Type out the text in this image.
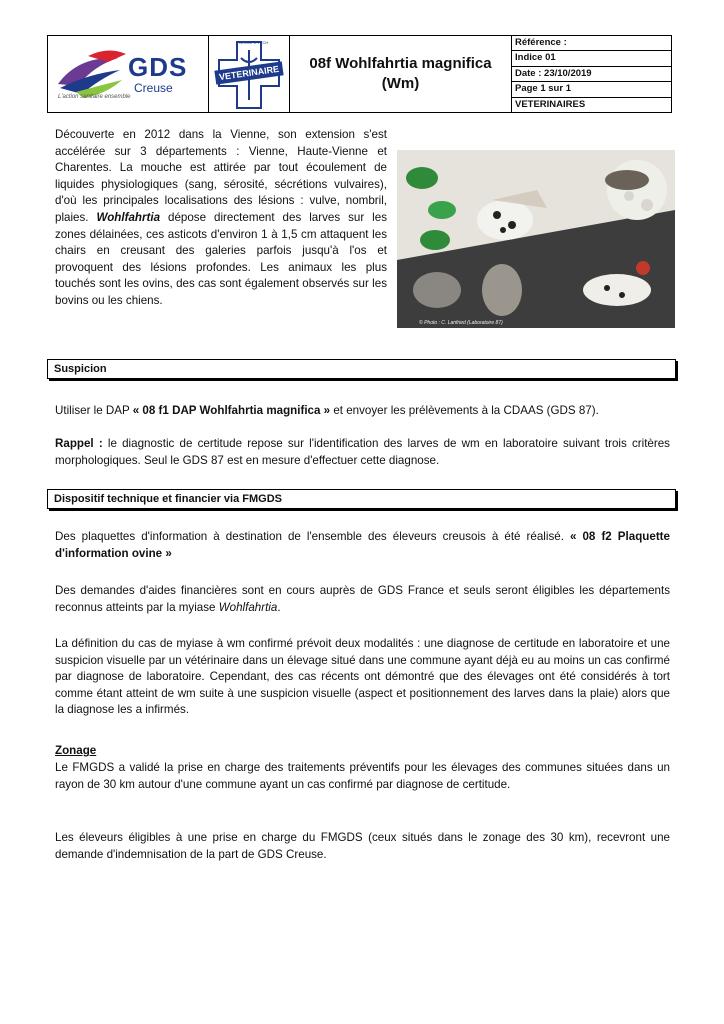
GDS
Creuse
L'action sanitaire ensemble
VETERINAIRE
GROUPE TECH
08f Wohlfahrtia magnifica
(Wm)
Référence :
Indice 01
Date : 23/10/2019
Page 1 sur 1
VETERINAIRES
Découverte en 2012 dans la Vienne, son extension s'est accélérée sur 3 départements : Vienne, Haute-Vienne et Charentes. La mouche est attirée par tout écoulement de liquides physiologiques (sang, sérosité, sécrétions vulvaires), d'où les principales localisations des lésions : vulve, nombril, plaies. Wohlfahrtia dépose directement des larves sur les zones délainées, ces asticots d'environ 1 à 1,5 cm attaquent les chairs en creusant des galeries parfois jusqu'à l'os et provoquent des lésions profondes. Les animaux les plus touchés sont les ovins, des cas sont également observés sur les bovins ou les chiens.
© Photo : C. Lanfried (Laboratoire 87)
Suspicion
Utiliser le DAP « 08 f1 DAP Wohlfahrtia magnifica » et envoyer les prélèvements à la CDAAS (GDS 87).
Rappel : le diagnostic de certitude repose sur l'identification des larves de wm en laboratoire suivant trois critères morphologiques. Seul le GDS 87 est en mesure d'effectuer cette diagnose.
Dispositif technique et financier via FMGDS
Des plaquettes d'information à destination de l'ensemble des éleveurs creusois à été réalisé. « 08 f2 Plaquette d'information ovine »
Des demandes d'aides financières sont en cours auprès de GDS France et seuls seront éligibles les départements reconnus atteints par la myiase Wohlfahrtia.
La définition du cas de myiase à wm confirmé prévoit deux modalités : une diagnose de certitude en laboratoire et une suspicion visuelle par un vétérinaire dans un élevage situé dans une commune ayant déjà eu au moins un cas confirmé par diagnose de laboratoire. Cependant, des cas récents ont démontré que des élevages ont été considérés à tort comme étant atteint de wm suite à une suspicion visuelle (aspect et positionnement des larves dans la plaie) alors que la diagnose les a infirmés.
Zonage
Le FMGDS a validé la prise en charge des traitements préventifs pour les élevages des communes situées dans un rayon de 30 km autour d'une commune ayant un cas confirmé par diagnose de certitude.
Les éleveurs éligibles à une prise en charge du FMGDS (ceux situés dans le zonage des 30 km), recevront une demande d'indemnisation de la part de GDS Creuse.
